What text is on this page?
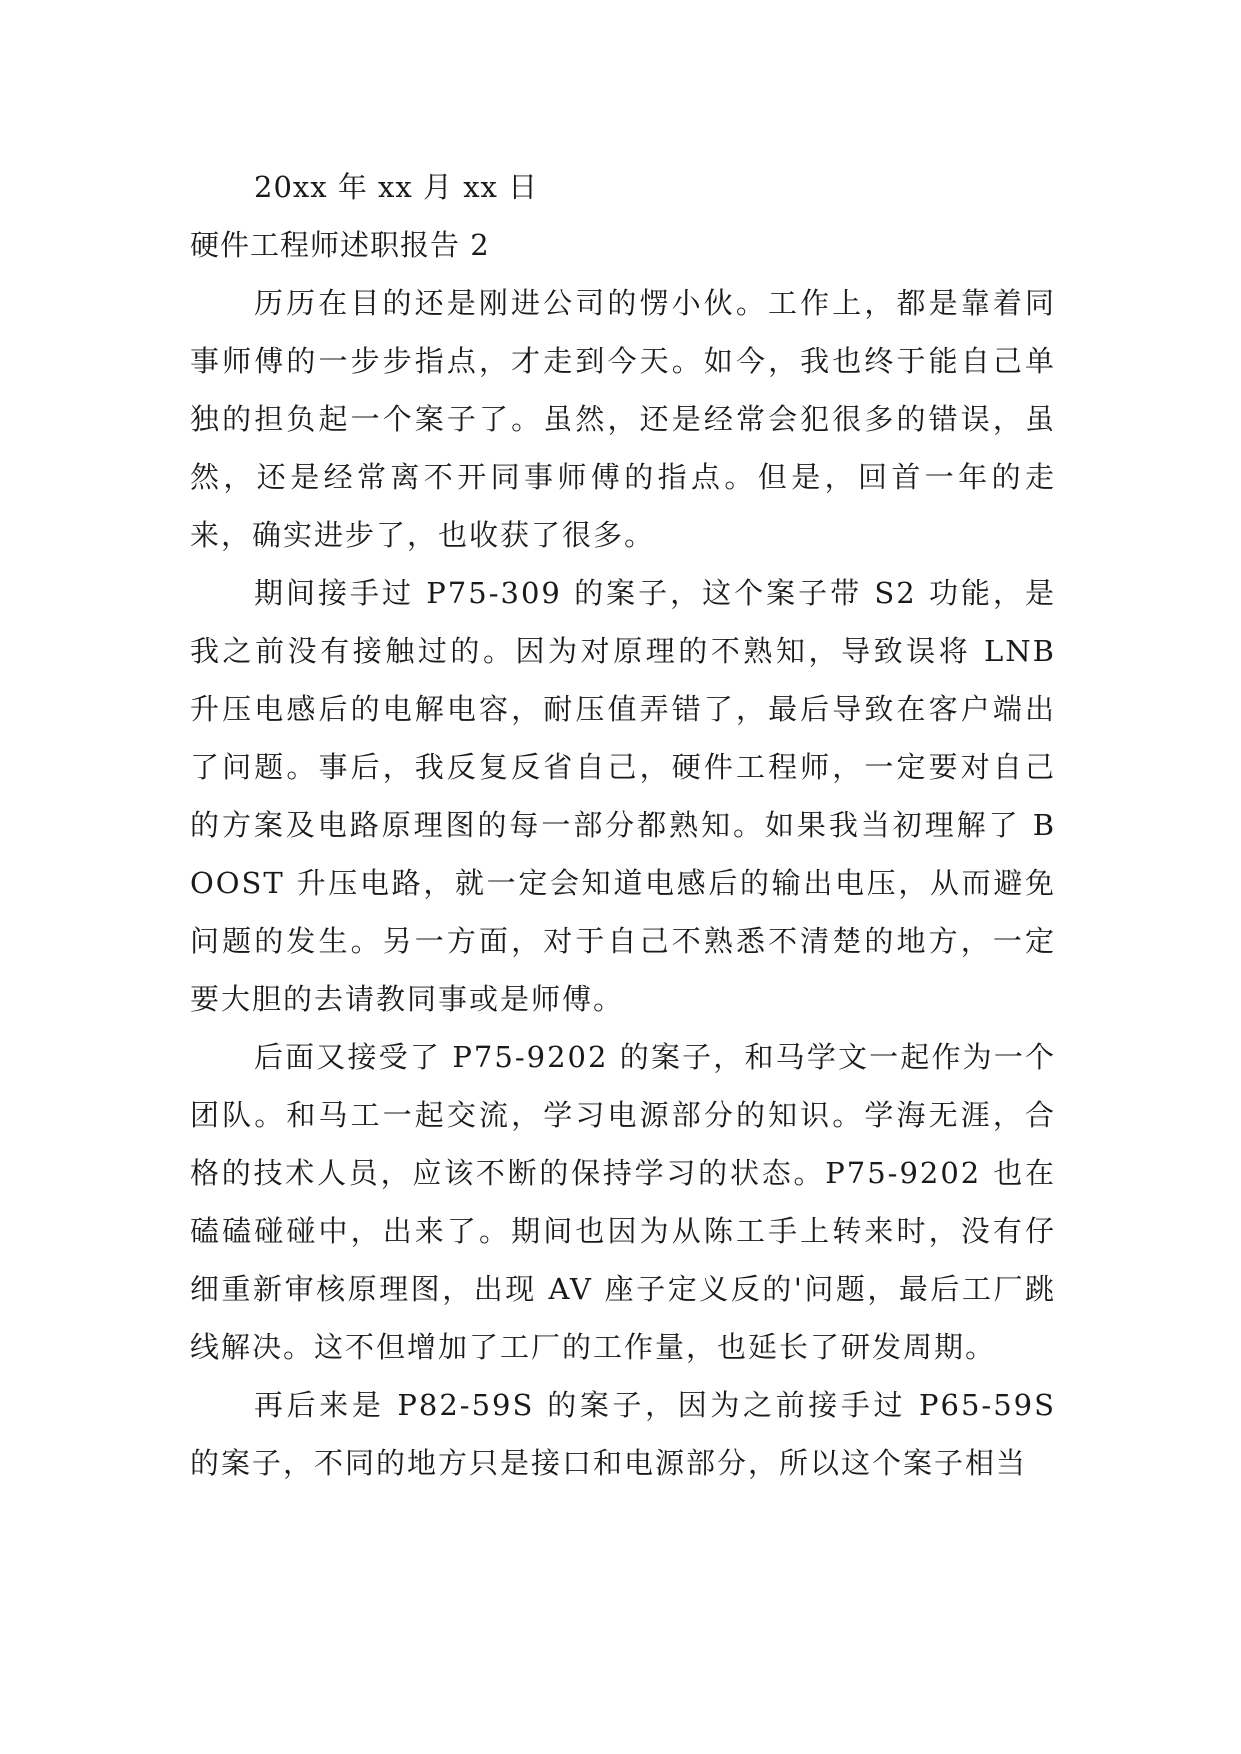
20xx 年 xx 月 xx 日
硬件工程师述职报告 2

历历在目的还是刚进公司的愣小伙。工作上，都是靠着同事师傅的一步步指点，才走到今天。如今，我也终于能自己单独的担负起一个案子了。虽然，还是经常会犯很多的错误，虽然，还是经常离不开同事师傅的指点。但是，回首一年的走来，确实进步了，也收获了很多。

期间接手过 P75-309 的案子，这个案子带 S2 功能，是我之前没有接触过的。因为对原理的不熟知，导致误将 LNB 升压电感后的电解电容，耐压值弄错了，最后导致在客户端出了问题。事后，我反复反省自己，硬件工程师，一定要对自己的方案及电路原理图的每一部分都熟知。如果我当初理解了 BOOST 升压电路，就一定会知道电感后的输出电压，从而避免问题的发生。另一方面，对于自己不熟悉不清楚的地方，一定要大胆的去请教同事或是师傅。

后面又接受了 P75-9202 的案子，和马学文一起作为一个团队。和马工一起交流，学习电源部分的知识。学海无涯，合格的技术人员，应该不断的保持学习的状态。P75-9202 也在磕磕碰碰中，出来了。期间也因为从陈工手上转来时，没有仔细重新审核原理图，出现 AV 座子定义反的'问题，最后工厂跳线解决。这不但增加了工厂的工作量，也延长了研发周期。

再后来是 P82-59S 的案子，因为之前接手过 P65-59S 的案子，不同的地方只是接口和电源部分，所以这个案子相当
